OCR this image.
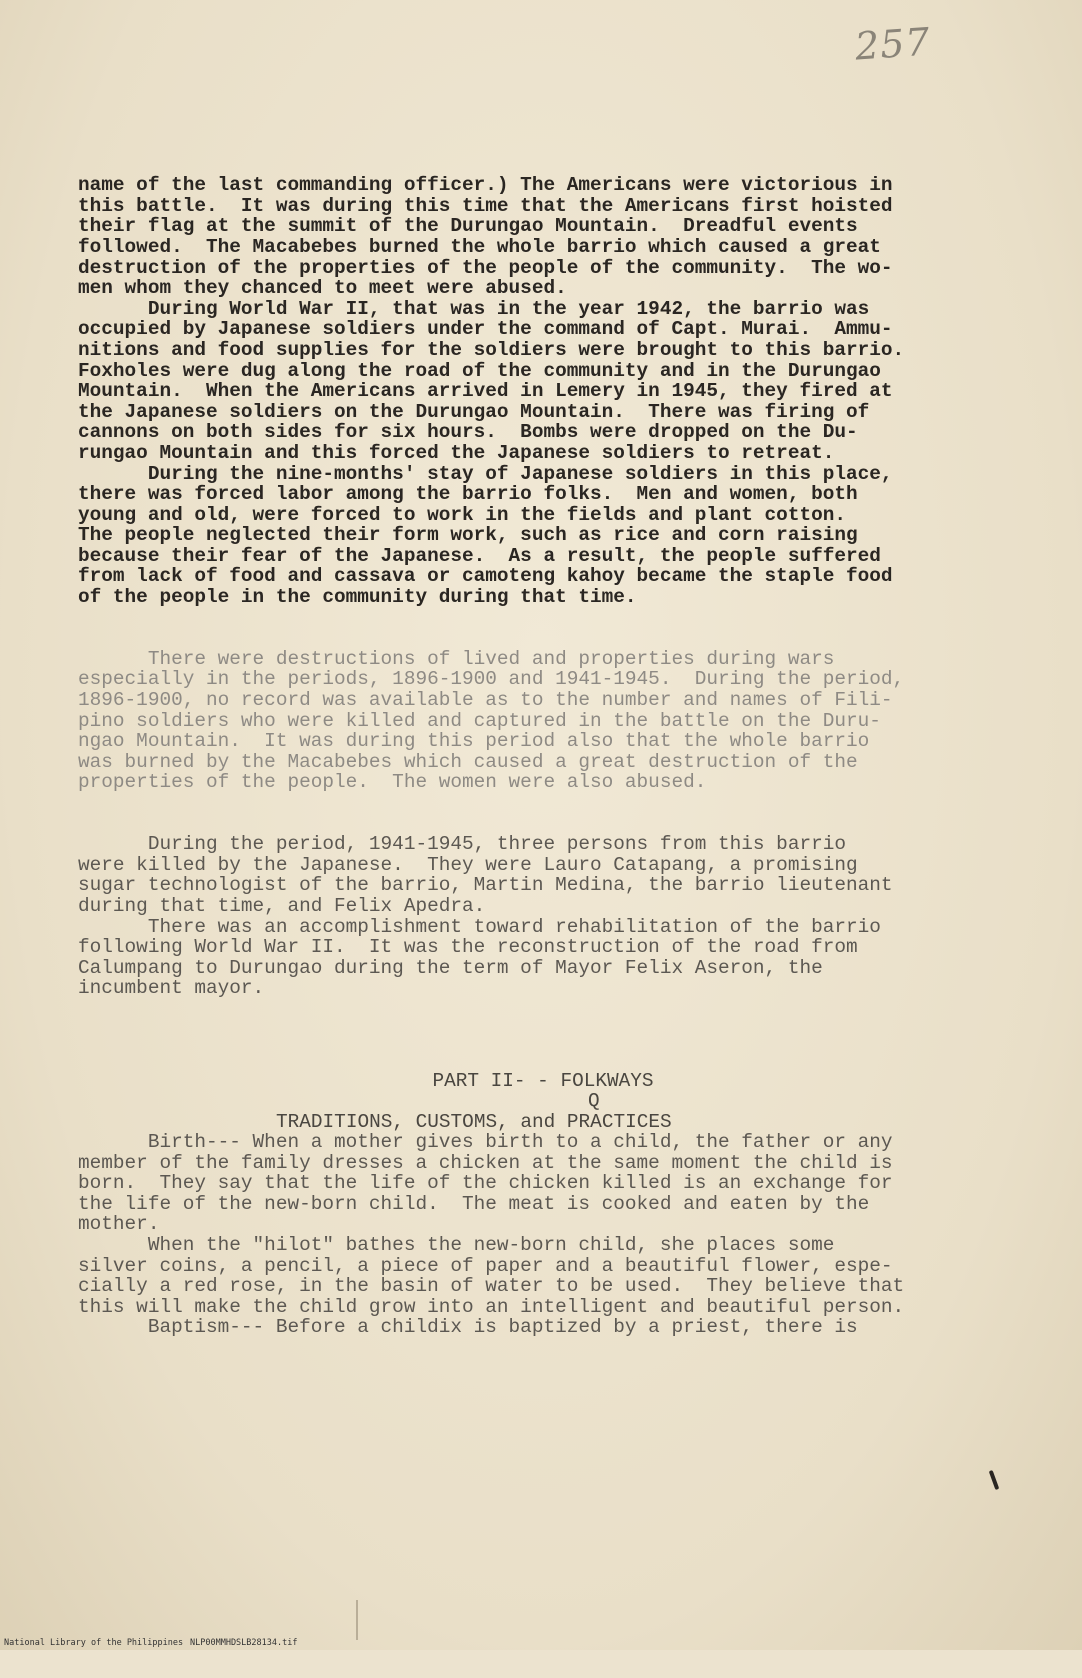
257

name of the last commanding officer.) The Americans were victorious in
this battle.  It was during this time that the Americans first hoisted
their flag at the summit of the Durungao Mountain.  Dreadful events
followed.  The Macabebes burned the whole barrio which caused a great
destruction of the properties of the people of the community.  The wo-
men whom they chanced to meet were abused.
During World War II, that was in the year 1942, the barrio was
occupied by Japanese soldiers under the command of Capt. Murai.  Ammu-
nitions and food supplies for the soldiers were brought to this barrio.
Foxholes were dug along the road of the community and in the Durungao
Mountain.  When the Americans arrived in Lemery in 1945, they fired at
the Japanese soldiers on the Durungao Mountain.  There was firing of
cannons on both sides for six hours.  Bombs were dropped on the Du-
rungao Mountain and this forced the Japanese soldiers to retreat.
During the nine-months' stay of Japanese soldiers in this place,
there was forced labor among the barrio folks.  Men and women, both
young and old, were forced to work in the fields and plant cotton.
The people neglected their form work, such as rice and corn raising
because their fear of the Japanese.  As a result, the people suffered
from lack of food and cassava or camoteng kahoy became the staple food
of the people in the community during that time.

There were destructions of lived and properties during wars
especially in the periods, 1896-1900 and 1941-1945.  During the period,
1896-1900, no record was available as to the number and names of Fili-
pino soldiers who were killed and captured in the battle on the Duru-
ngao Mountain.  It was during this period also that the whole barrio
was burned by the Macabebes which caused a great destruction of the
properties of the people.  The women were also abused.

During the period, 1941-1945, three persons from this barrio
were killed by the Japanese.  They were Lauro Catapang, a promising
sugar technologist of the barrio, Martin Medina, the barrio lieutenant
during that time, and Felix Apedra.
There was an accomplishment toward rehabilitation of the barrio
following World War II.  It was the reconstruction of the road from
Calumpang to Durungao during the term of Mayor Felix Aseron, the
incumbent mayor.

PART II- - FOLKWAYS
Q
TRADITIONS, CUSTOMS, and PRACTICES
Birth--- When a mother gives birth to a child, the father or any
member of the family dresses a chicken at the same moment the child is
born.  They say that the life of the chicken killed is an exchange for
the life of the new-born child.  The meat is cooked and eaten by the
mother.
When the "hilot" bathes the new-born child, she places some
silver coins, a pencil, a piece of paper and a beautiful flower, espe-
cially a red rose, in the basin of water to be used.  They believe that
this will make the child grow into an intelligent and beautiful person.
Baptism--- Before a childix is baptized by a priest, there is

National Library of the Philippines

NLP00MMHDSLB28134.tif
